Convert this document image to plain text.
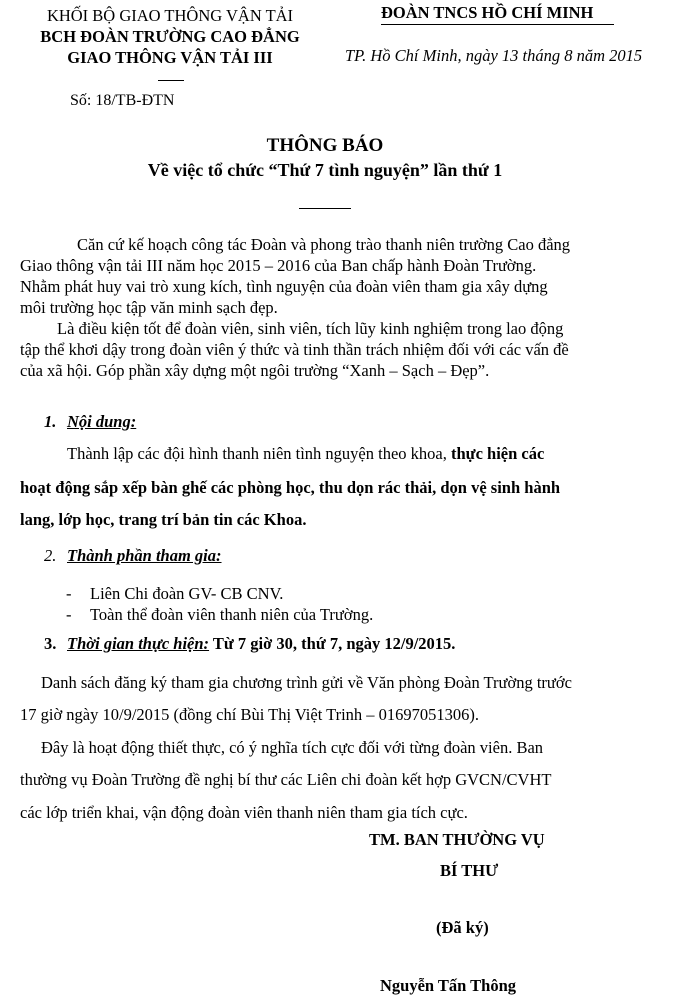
KHỐI BỘ GIAO THÔNG VẬN TẢI
BCH ĐOÀN TRƯỜNG CAO ĐẲNG
GIAO THÔNG VẬN TẢI III
Số: 18/TB-ĐTN
ĐOÀN TNCS HỒ CHÍ MINH
TP. Hồ Chí Minh, ngày 13 tháng 8 năm 2015
THÔNG BÁO
Về việc tổ chức “Thứ 7 tình nguyện” lần thứ 1
Căn cứ kế hoạch công tác Đoàn và phong trào thanh niên trường Cao đẳng
Giao thông vận tải III năm học 2015 – 2016 của Ban chấp hành Đoàn Trường.
Nhằm phát huy vai trò xung kích, tình nguyện của đoàn viên tham gia xây dựng
môi trường học tập văn minh sạch đẹp.
Là điều kiện tốt để đoàn viên, sinh viên, tích lũy kinh nghiệm trong lao động
tập thể khơi dậy trong đoàn viên ý thức và tinh thần trách nhiệm đối với các vấn đề
của xã hội. Góp phần xây dựng một ngôi trường “Xanh – Sạch – Đẹp”.
1. Nội dung:
Thành lập các đội hình thanh niên tình nguyện theo khoa, thực hiện các
hoạt động sắp xếp bàn ghế các phòng học, thu dọn rác thải, dọn vệ sinh hành
lang, lớp học, trang trí bản tin các Khoa.
2. Thành phần tham gia:
- Liên Chi đoàn GV- CB CNV.
- Toàn thể đoàn viên thanh niên của Trường.
3. Thời gian thực hiện: Từ 7 giờ 30, thứ 7, ngày 12/9/2015.
Danh sách đăng ký tham gia chương trình gửi về Văn phòng Đoàn Trường trước
17 giờ ngày 10/9/2015 (đồng chí Bùi Thị Việt Trinh – 01697051306).
Đây là hoạt động thiết thực, có ý nghĩa tích cực đối với từng đoàn viên. Ban
thường vụ Đoàn Trường đề nghị bí thư các Liên chi đoàn kết hợp GVCN/CVHT
các lớp triển khai, vận động đoàn viên thanh niên tham gia tích cực.
TM. BAN THƯỜNG VỤ
BÍ THƯ
(Đã ký)
Nguyễn Tấn Thông
